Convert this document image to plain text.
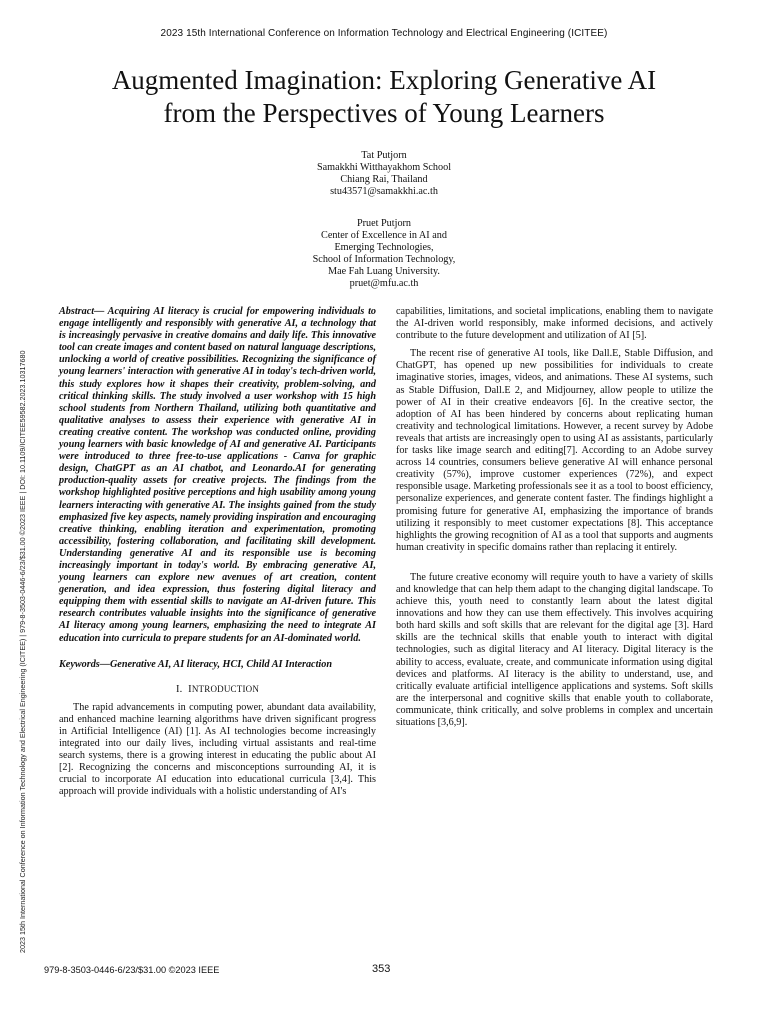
2023 15th International Conference on Information Technology and Electrical Engineering (ICITEE)
Augmented Imagination: Exploring Generative AI
from the Perspectives of Young Learners
Tat Putjorn
Samakkhi Witthayakhom School
Chiang Rai, Thailand
stu43571@samakkhi.ac.th
Pruet Putjorn
Center of Excellence in AI and
Emerging Technologies,
School of Information Technology,
Mae Fah Luang University.
pruet@mfu.ac.th
2023 15th International Conference on Information Technology and Electrical Engineering (ICITEE) | 979-8-3503-0446-6/23/$31.00 ©2023 IEEE | DOI: 10.1109/ICITEE59582.2023.10317680

Abstract— Acquiring AI literacy is crucial for empowering individuals to engage intelligently and responsibly with generative AI, a technology that is increasingly pervasive in creative domains and daily life. This innovative tool can create images and content based on natural language descriptions, unlocking a world of creative possibilities. Recognizing the significance of young learners' interaction with generative AI in today's tech-driven world, this study explores how it shapes their creativity, problem-solving, and critical thinking skills. The study involved a user workshop with 15 high school students from Northern Thailand, utilizing both quantitative and qualitative analyses to assess their experience with generative AI in creating creative content. The workshop was conducted online, providing young learners with basic knowledge of AI and generative AI. Participants were introduced to three free-to-use applications - Canva for graphic design, ChatGPT as an AI chatbot, and Leonardo.AI for generating production-quality assets for creative projects. The findings from the workshop highlighted positive perceptions and high usability among young learners interacting with generative AI. The insights gained from the study emphasized five key aspects, namely providing inspiration and encouraging creative thinking, enabling iteration and experimentation, promoting accessibility, fostering collaboration, and facilitating skill development. Understanding generative AI and its responsible use is becoming increasingly important in today's world. By embracing generative AI, young learners can explore new avenues of art creation, content generation, and idea expression, thus fostering digital literacy and equipping them with essential skills to navigate an AI-driven future. This research contributes valuable insights into the significance of generative AI literacy among young learners, emphasizing the need to integrate AI education into curricula to prepare students for an AI-dominated world.

Keywords—Generative AI, AI literacy, HCI, Child AI Interaction

I. INTRODUCTION

The rapid advancements in computing power, abundant data availability, and enhanced machine learning algorithms have driven significant progress in Artificial Intelligence (AI) [1]. As AI technologies become increasingly integrated into our daily lives, including virtual assistants and real-time search systems, there is a growing interest in educating the public about AI [2]. Recognizing the concerns and misconceptions surrounding AI, it is crucial to incorporate AI education into educational curricula [3,4]. This approach will provide individuals with a holistic understanding of AI's

capabilities, limitations, and societal implications, enabling them to navigate the AI-driven world responsibly, make informed decisions, and actively contribute to the future development and utilization of AI [5].

The recent rise of generative AI tools, like Dall.E, Stable Diffusion, and ChatGPT, has opened up new possibilities for individuals to create imaginative stories, images, videos, and animations. These AI systems, such as Stable Diffusion, Dall.E 2, and Midjourney, allow people to utilize the power of AI in their creative endeavors [6]. In the creative sector, the adoption of AI has been hindered by concerns about replicating human creativity and technological limitations. However, a recent survey by Adobe reveals that artists are increasingly open to using AI as assistants, particularly for tasks like image search and editing[7]. According to an Adobe survey across 14 countries, consumers believe generative AI will enhance personal creativity (57%), improve customer experiences (72%), and expect responsible usage. Marketing professionals see it as a tool to boost efficiency, personalize experiences, and generate content faster. The findings highlight a promising future for generative AI, emphasizing the importance of brands utilizing it responsibly to meet customer expectations [8]. This acceptance highlights the growing recognition of AI as a tool that supports and augments human creativity in specific domains rather than replacing it entirely.

The future creative economy will require youth to have a variety of skills and knowledge that can help them adapt to the changing digital landscape. To achieve this, youth need to constantly learn about the latest digital innovations and how they can use them effectively. This involves acquiring both hard skills and soft skills that are relevant for the digital age [3]. Hard skills are the technical skills that enable youth to interact with digital technologies, such as digital literacy and AI literacy. Digital literacy is the ability to access, evaluate, create, and communicate information using digital devices and platforms. AI literacy is the ability to understand, use, and critically evaluate artificial intelligence applications and systems. Soft skills are the interpersonal and cognitive skills that enable youth to collaborate, communicate, think critically, and solve problems in complex and uncertain situations [3,6,9].

979-8-3503-0446-6/23/$31.00 ©2023 IEEE	353
